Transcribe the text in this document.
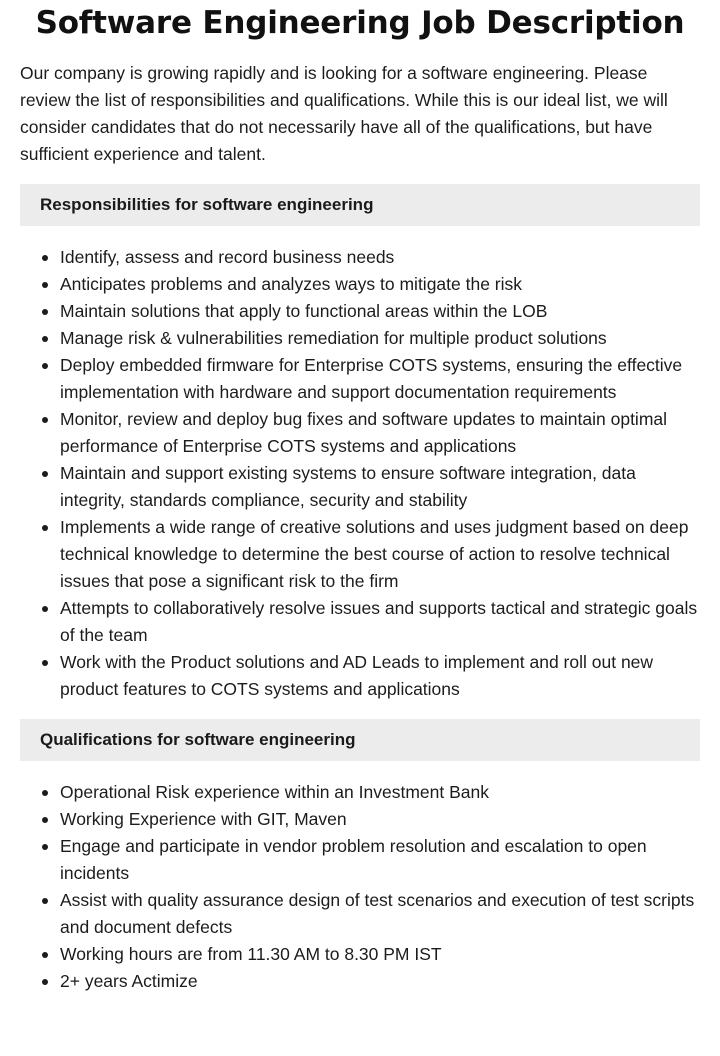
Software Engineering Job Description

Our company is growing rapidly and is looking for a software engineering. Please review the list of responsibilities and qualifications. While this is our ideal list, we will consider candidates that do not necessarily have all of the qualifications, but have sufficient experience and talent.

Responsibilities for software engineering
Identify, assess and record business needs
Anticipates problems and analyzes ways to mitigate the risk
Maintain solutions that apply to functional areas within the LOB
Manage risk & vulnerabilities remediation for multiple product solutions
Deploy embedded firmware for Enterprise COTS systems, ensuring the effective implementation with hardware and support documentation requirements
Monitor, review and deploy bug fixes and software updates to maintain optimal performance of Enterprise COTS systems and applications
Maintain and support existing systems to ensure software integration, data integrity, standards compliance, security and stability
Implements a wide range of creative solutions and uses judgment based on deep technical knowledge to determine the best course of action to resolve technical issues that pose a significant risk to the firm
Attempts to collaboratively resolve issues and supports tactical and strategic goals of the team
Work with the Product solutions and AD Leads to implement and roll out new product features to COTS systems and applications
Qualifications for software engineering
Operational Risk experience within an Investment Bank
Working Experience with GIT, Maven
Engage and participate in vendor problem resolution and escalation to open incidents
Assist with quality assurance design of test scenarios and execution of test scripts and document defects
Working hours are from 11.30 AM to 8.30 PM IST
2+ years Actimize
